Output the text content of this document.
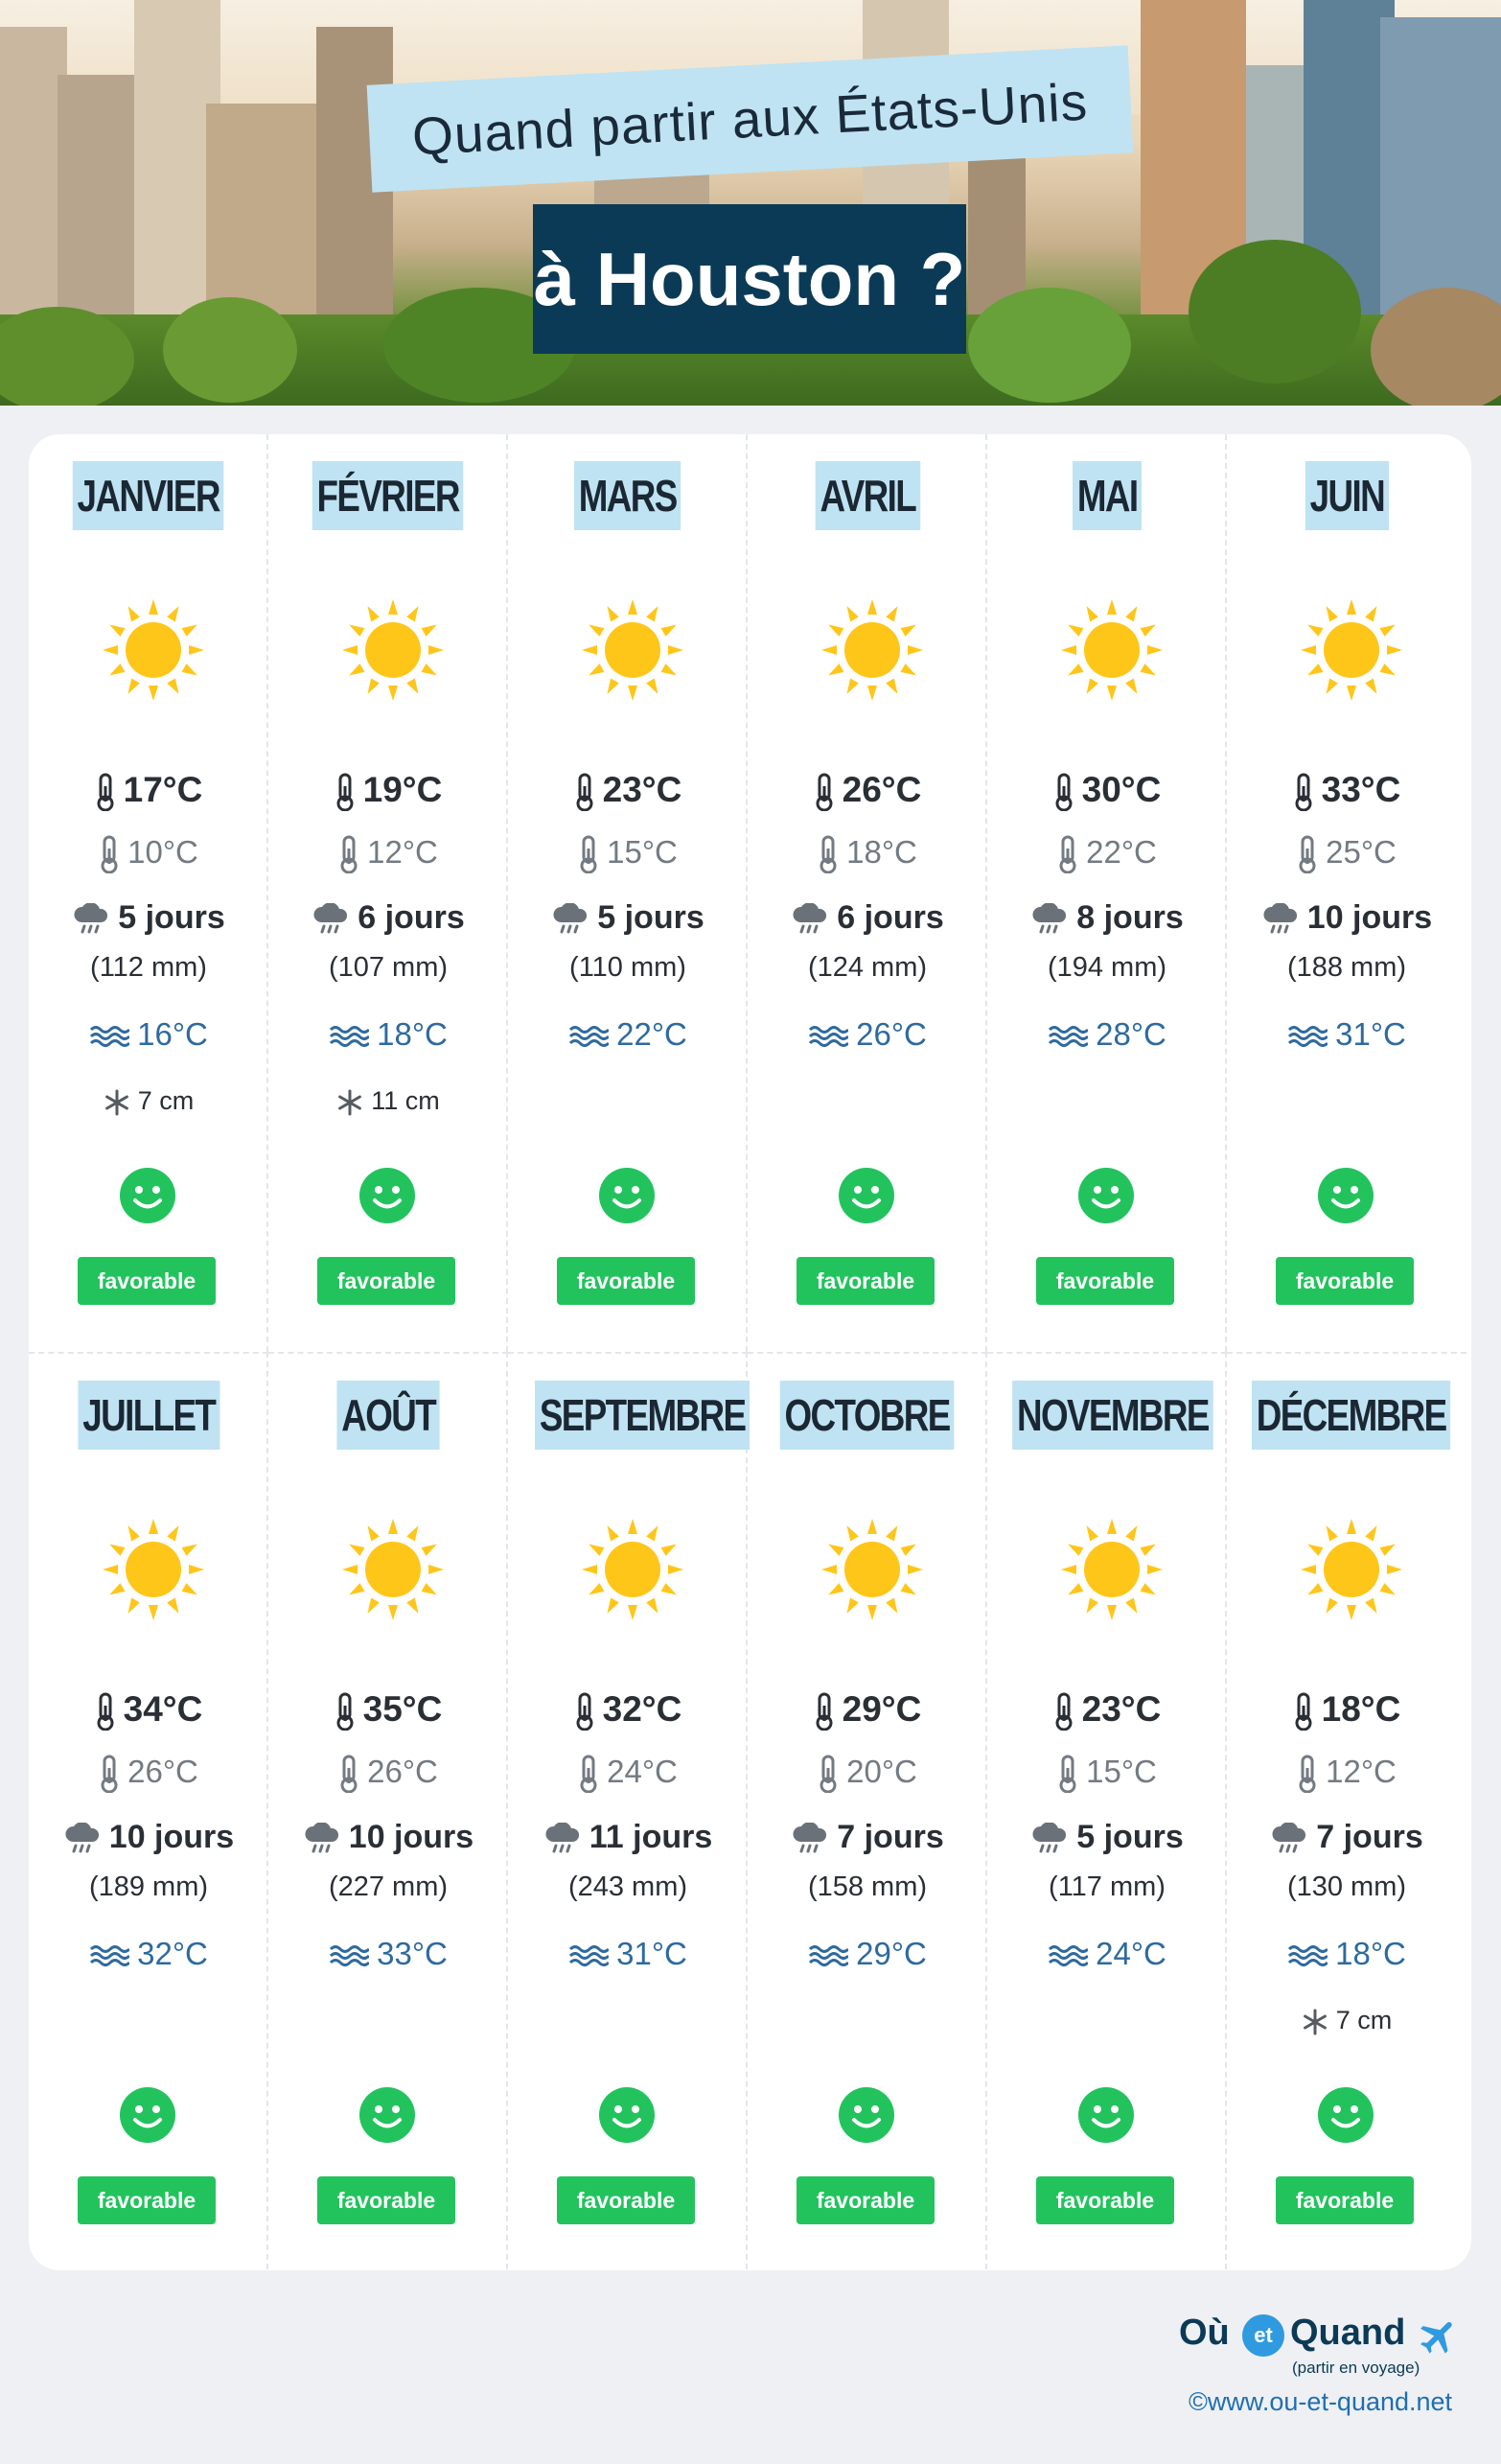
Quand partir aux États-Unis
à Houston ?
JANVIER
17°C
10°C
5 jours
(112 mm)
16°C
7 cm
favorable
FÉVRIER
19°C
12°C
6 jours
(107 mm)
18°C
11 cm
favorable
MARS
23°C
15°C
5 jours
(110 mm)
22°C
favorable
AVRIL
26°C
18°C
6 jours
(124 mm)
26°C
favorable
MAI
30°C
22°C
8 jours
(194 mm)
28°C
favorable
JUIN
33°C
25°C
10 jours
(188 mm)
31°C
favorable
JUILLET
34°C
26°C
10 jours
(189 mm)
32°C
favorable
AOÛT
35°C
26°C
10 jours
(227 mm)
33°C
favorable
SEPTEMBRE
32°C
24°C
11 jours
(243 mm)
31°C
favorable
OCTOBRE
29°C
20°C
7 jours
(158 mm)
29°C
favorable
NOVEMBRE
23°C
15°C
5 jours
(117 mm)
24°C
favorable
DÉCEMBRE
18°C
12°C
7 jours
(130 mm)
18°C
7 cm
favorable
Où	et Quand
(partir en voyage)
©www.ou-et-quand.net
